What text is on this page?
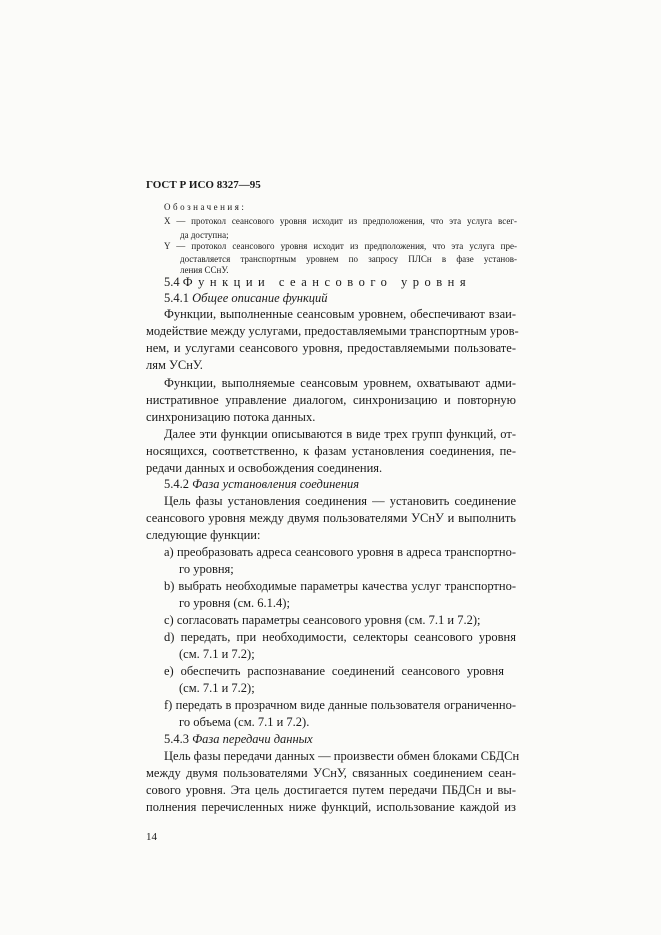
ГОСТ Р ИСО 8327—95
Обозначения:
X — протокол сеансового уровня исходит из предположения, что эта услуга всег-
да доступна;
Y — протокол сеансового уровня исходит из предположения, что эта услуга пре-
доставляется транспортным уровнем по запросу ПЛСн в фазе установ-
ления ССнУ.
5.4 Функции сеансового уровня
5.4.1 Общее описание функций
Функции, выполненные сеансовым уровнем, обеспечивают взаи-
модействие между услугами, предоставляемыми транспортным уров-
нем, и услугами сеансового уровня, предоставляемыми пользовате-
лям УСнУ.
Функции, выполняемые сеансовым уровнем, охватывают адми-
нистративное управление диалогом, синхронизацию и повторную
синхронизацию потока данных.
Далее эти функции описываются в виде трех групп функций, от-
носящихся, соответственно, к фазам установления соединения, пе-
редачи данных и освобождения соединения.
5.4.2 Фаза установления соединения
Цель фазы установления соединения — установить соединение
сеансового уровня между двумя пользователями УСнУ и выполнить
следующие функции:
а) преобразовать адреса сеансового уровня в адреса транспортно-
го уровня;
b) выбрать необходимые параметры качества услуг транспортно-
го уровня (см. 6.1.4);
с) согласовать параметры сеансового уровня (см. 7.1 и 7.2);
d) передать, при необходимости, селекторы сеансового уровня
(см. 7.1 и 7.2);
е) обеспечить распознавание соединений сеансового уровня
(см. 7.1 и 7.2);
f) передать в прозрачном виде данные пользователя ограниченно-
го объема (см. 7.1 и 7.2).
5.4.3 Фаза передачи данных
Цель фазы передачи данных — произвести обмен блоками СБДСн
между двумя пользователями УСнУ, связанных соединением сеан-
сового уровня. Эта цель достигается путем передачи ПБДСн и вы-
полнения перечисленных ниже функций, использование каждой из
14
